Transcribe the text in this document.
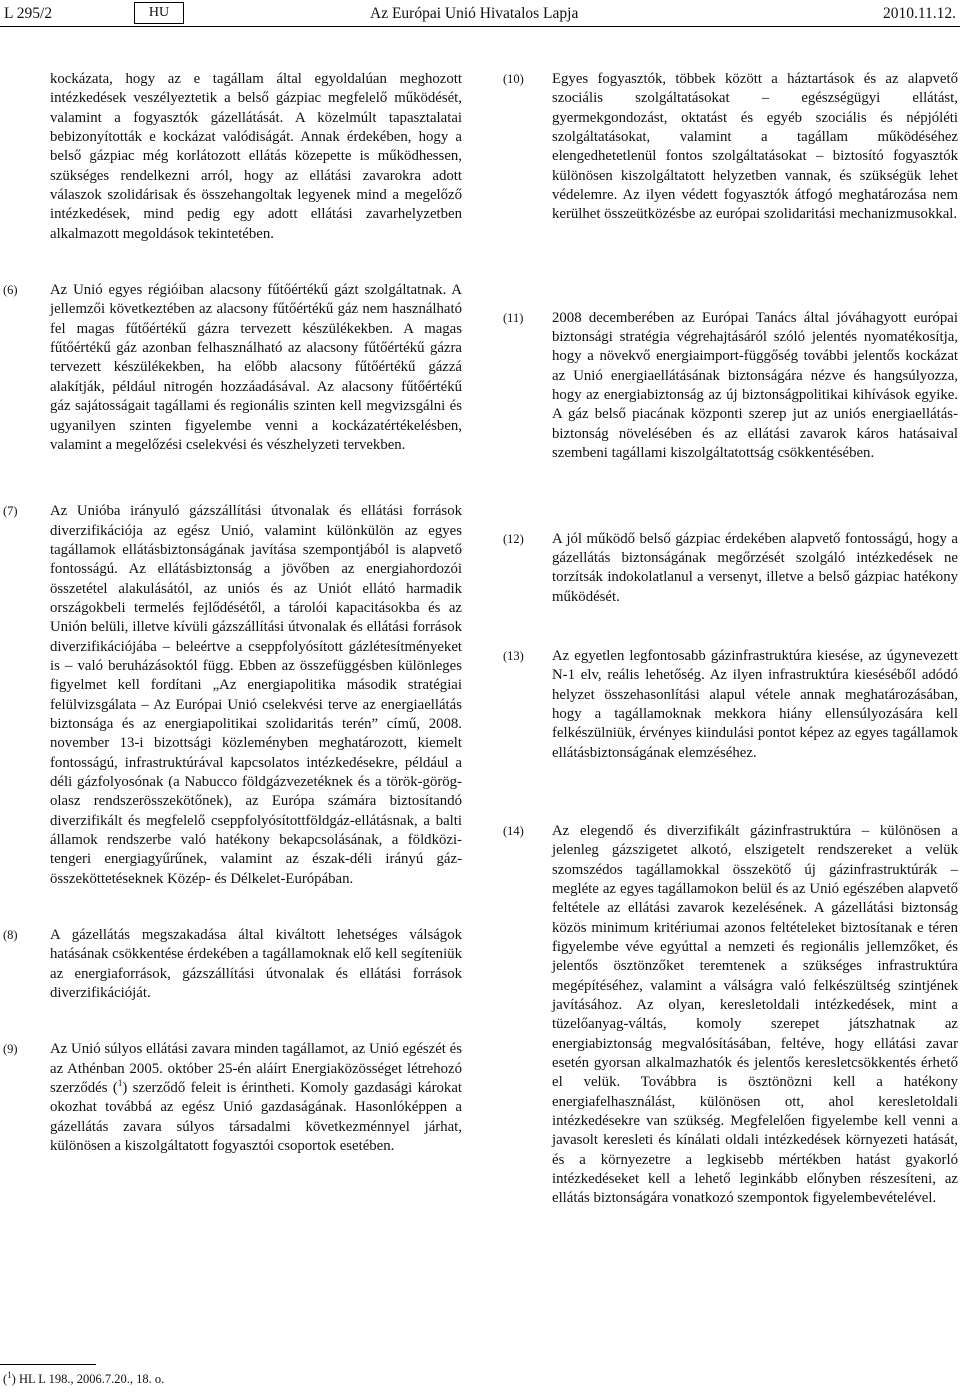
L 295/2	HU	Az Európai Unió Hivatalos Lapja	2010.11.12.
kockázata, hogy az e tagállam által egyoldalúan meghozott intézkedések veszélyeztetik a belső gázpiac megfelelő működését, valamint a fogyasztók gázellátását. A közelmúlt tapasztalatai bebizonyították e kockázat valódiságát. Annak érdekében, hogy a belső gázpiac még korlátozott ellátás közepette is működhessen, szükséges rendelkezni arról, hogy az ellátási zavarokra adott válaszok szolidárisak és összehangoltak legyenek mind a megelőző intézkedések, mind pedig egy adott ellátási zavarhelyzetben alkalmazott megoldások tekintetében.
(6) Az Unió egyes régióiban alacsony fűtőértékű gázt szolgáltatnak. A jellemzői következtében az alacsony fűtőértékű gáz nem használható fel magas fűtőértékű gázra tervezett készülékekben. A magas fűtőértékű gáz azonban felhasználható az alacsony fűtőértékű gázra tervezett készülékekben, ha előbb alacsony fűtőértékű gázzá alakítják, például nitrogén hozzáadásával. Az alacsony fűtőértékű gáz sajátosságait tagállami és regionális szinten kell megvizsgálni és ugyanilyen szinten figyelembe venni a kockázatértékelésben, valamint a megelőzési cselekvési és vészhelyzeti tervekben.
(7) Az Unióba irányuló gázszállítási útvonalak és ellátási források diverzifikációja az egész Unió, valamint különkülön az egyes tagállamok ellátásbiztonságának javítása szempontjából is alapvető fontosságú. Az ellátásbiztonság a jövőben az energiahordozói összetétel alakulásától, az uniós és az Uniót ellátó harmadik országokbeli termelés fejlődésétől, a tárolói kapacitásokba és az Unión belüli, illetve kívüli gázszállítási útvonalak és ellátási források diverzifikációjába – beleértve a cseppfolyósított gázlétesítményeket is – való beruházásoktól függ. Ebben az összefüggésben különleges figyelmet kell fordítani „Az energiapolitika második stratégiai felülvizsgálata – Az Európai Unió cselekvési terve az energiaellátás biztonsága és az energiapolitikai szolidaritás terén” című, 2008. november 13-i bizottsági közleményben meghatározott, kiemelt fontosságú, infrastruktúrával kapcsolatos intézkedésekre, például a déli gázfolyosónak (a Nabucco földgázvezetéknek és a török-görög-olasz rendszerösszekötőnek), az Európa számára biztosítandó diverzifikált és megfelelő cseppfolyósítottföldgáz-ellátásnak, a balti államok rendszerbe való hatékony bekapcsolásának, a földközi-tengeri energiagyűrűnek, valamint az észak-déli irányú gáz-összeköttetéseknek Közép- és Délkelet-Európában.
(8) A gázellátás megszakadása által kiváltott lehetséges válságok hatásának csökkentése érdekében a tagállamoknak elő kell segíteniük az energiaforrások, gázszállítási útvonalak és ellátási források diverzifikációját.
(9) Az Unió súlyos ellátási zavara minden tagállamot, az Unió egészét és az Athénban 2005. október 25-én aláírt Energiaközösséget létrehozó szerződés ($^1$) szerződő feleit is érintheti. Komoly gazdasági károkat okozhat továbbá az egész Unió gazdaságának. Hasonlóképpen a gázellátás zavara súlyos társadalmi következménnyel járhat, különösen a kiszolgáltatott fogyasztói csoportok esetében.
(10) Egyes fogyasztók, többek között a háztartások és az alapvető szociális szolgáltatásokat – egészségügyi ellátást, gyermekgondozást, oktatást és egyéb szociális és népjóléti szolgáltatásokat, valamint a tagállam működéséhez elengedhetetlenül fontos szolgáltatásokat – biztosító fogyasztók különösen kiszolgáltatott helyzetben vannak, és szükségük lehet védelemre. Az ilyen védett fogyasztók átfogó meghatározása nem kerülhet összeütközésbe az európai szolidaritási mechanizmusokkal.
(11) 2008 decemberében az Európai Tanács által jóváhagyott európai biztonsági stratégia végrehajtásáról szóló jelentés nyomatékosítja, hogy a növekvő energiaimport-függőség további jelentős kockázat az Unió energiaellátásának biztonságára nézve és hangsúlyozza, hogy az energiabiztonság az új biztonságpolitikai kihívások egyike. A gáz belső piacának központi szerep jut az uniós energiaellátás-biztonság növelésében és az ellátási zavarok káros hatásaival szembeni tagállami kiszolgáltatottság csökkentésében.
(12) A jól működő belső gázpiac érdekében alapvető fontosságú, hogy a gázellátás biztonságának megőrzését szolgáló intézkedések ne torzítsák indokolatlanul a versenyt, illetve a belső gázpiac hatékony működését.
(13) Az egyetlen legfontosabb gázinfrastruktúra kiesése, az úgynevezett N-1 elv, reális lehetőség. Az ilyen infrastruktúra kieséséből adódó helyzet összehasonlítási alapul vétele annak meghatározásában, hogy a tagállamoknak mekkora hiány ellensúlyozására kell felkészülniük, érvényes kiindulási pontot képez az egyes tagállamok ellátásbiztonságának elemzéséhez.
(14) Az elegendő és diverzifikált gázinfrastruktúra – különösen a jelenleg gázszigetet alkotó, elszigetelt rendszereket a velük szomszédos tagállamokkal összekötő új gázinfrastruktúrák – megléte az egyes tagállamokon belül és az Unió egészében alapvető feltétele az ellátási zavarok kezelésének. A gázellátási biztonság közös minimum kritériumai azonos feltételeket biztosítanak e téren figyelembe véve egyúttal a nemzeti és regionális jellemzőket, és jelentős ösztönzőket teremtenek a szükséges infrastruktúra megépítéséhez, valamint a válságra való felkészültség szintjének javításához. Az olyan, keresletoldali intézkedések, mint a tüzelőanyag-váltás, komoly szerepet játszhatnak az energiabiztonság megvalósításában, feltéve, hogy ellátási zavar esetén gyorsan alkalmazhatók és jelentős keresletcsökkentés érhető el velük. Továbbra is ösztönözni kell a hatékony energiafelhasználást, különösen ott, ahol keresletoldali intézkedésekre van szükség. Megfelelően figyelembe kell venni a javasolt keresleti és kínálati oldali intézkedések környezeti hatását, és a környezetre a legkisebb mértékben hatást gyakorló intézkedéseket kell a lehető leginkább előnyben részesíteni, az ellátás biztonságára vonatkozó szempontok figyelembevételével.
($^1$) HL L 198., 2006.7.20., 18. o.
